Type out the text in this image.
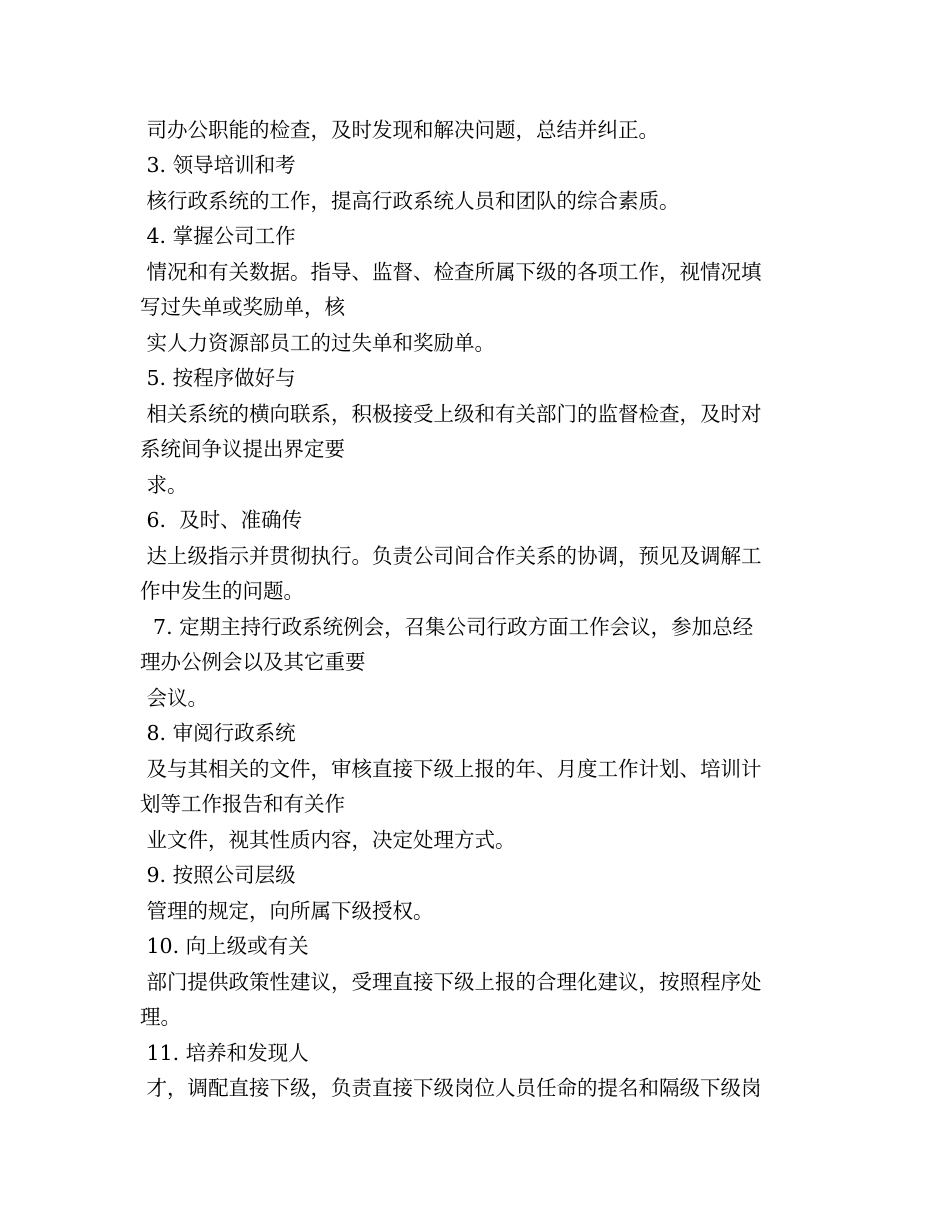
司办公职能的检查，及时发现和解决问题，总结并纠正。
3. 领导培训和考
核行政系统的工作，提高行政系统人员和团队的综合素质。
4. 掌握公司工作
情况和有关数据。指导、监督、检查所属下级的各项工作，视情况填
写过失单或奖励单，核
实人力资源部员工的过失单和奖励单。
5. 按程序做好与
相关系统的横向联系，积极接受上级和有关部门的监督检查，及时对
系统间争议提出界定要
求。
6.  及时、准确传
达上级指示并贯彻执行。负责公司间合作关系的协调，预见及调解工
作中发生的问题。
7. 定期主持行政系统例会，召集公司行政方面工作会议，参加总经
理办公例会以及其它重要
会议。
8. 审阅行政系统
及与其相关的文件，审核直接下级上报的年、月度工作计划、培训计
划等工作报告和有关作
业文件，视其性质内容，决定处理方式。
9. 按照公司层级
管理的规定，向所属下级授权。
10. 向上级或有关
部门提供政策性建议，受理直接下级上报的合理化建议，按照程序处
理。
11. 培养和发现人
才，调配直接下级，负责直接下级岗位人员任命的提名和隔级下级岗
